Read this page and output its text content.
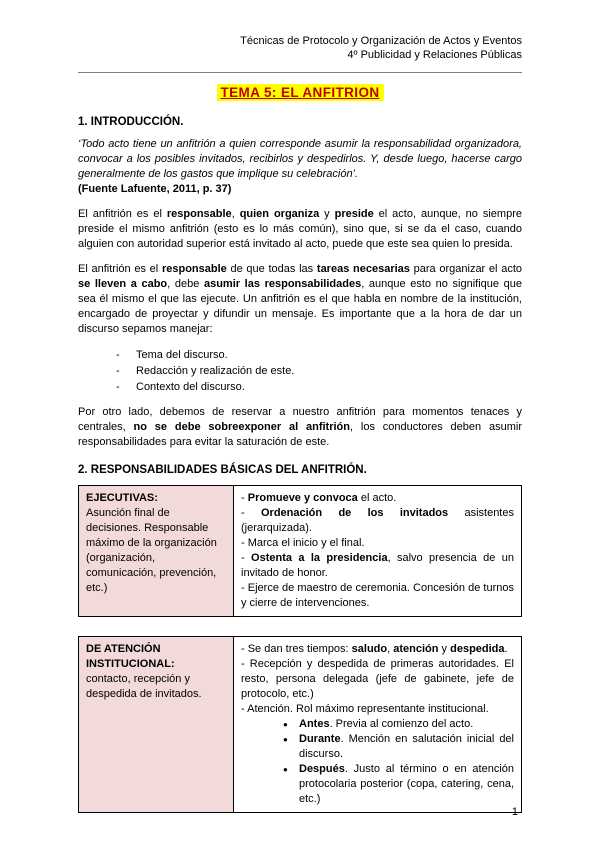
Técnicas de Protocolo y Organización de Actos y Eventos
4º Publicidad y Relaciones Públicas
TEMA 5: EL ANFITRION
1. INTRODUCCIÓN.

‘Todo acto tiene un anfitrión a quien corresponde asumir la responsabilidad organizadora, convocar a los posibles invitados, recibirlos y despedirlos. Y, desde luego, hacerse cargo generalmente de los gastos que implique su celebración’.

(Fuente Lafuente, 2011, p. 37)

El anfitrión es el responsable, quien organiza y preside el acto, aunque, no siempre preside el mismo anfitrión (esto es lo más común), sino que, si se da el caso, cuando alguien con autoridad superior está invitado al acto, puede que este sea quien lo presida.

El anfitrión es el responsable de que todas las tareas necesarias para organizar el acto se lleven a cabo, debe asumir las responsabilidades, aunque esto no signifique que sea él mismo el que las ejecute. Un anfitrión es el que habla en nombre de la institución, encargado de proyectar y difundir un mensaje. Es importante que a la hora de dar un discurso sepamos manejar:

-	Tema del discurso.
-	Redacción y realización de este.
-	Contexto del discurso.

Por otro lado, debemos de reservar a nuestro anfitrión para momentos tenaces y centrales, no se debe sobreexponer al anfitrión, los conductores deben asumir responsabilidades para evitar la saturación de este.

2. RESPONSABILIDADES BÁSICAS DEL ANFITRIÓN.
EJECUTIVAS:
Asunción final de decisiones. Responsable máximo de la organización (organización, comunicación, prevención, etc.)

- Promueve y convoca el acto.
- Ordenación de los invitados asistentes (jerarquizada).
- Marca el inicio y el final.
- Ostenta a la presidencia, salvo presencia de un invitado de honor.
- Ejerce de maestro de ceremonia. Concesión de turnos y cierre de intervenciones.
DE ATENCIÓN INSTITUCIONAL:
contacto, recepción y despedida de invitados.

- Se dan tres tiempos: saludo, atención y despedida.
- Recepción y despedida de primeras autoridades. El resto, persona delegada (jefe de gabinete, jefe de protocolo, etc.)
- Atención. Rol máximo representante institucional.
●	Antes. Previa al comienzo del acto.
●	Durante. Mención en salutación inicial del discurso.
●	Después. Justo al término o en atención protocolaria posterior (copa, catering, cena, etc.)
1
